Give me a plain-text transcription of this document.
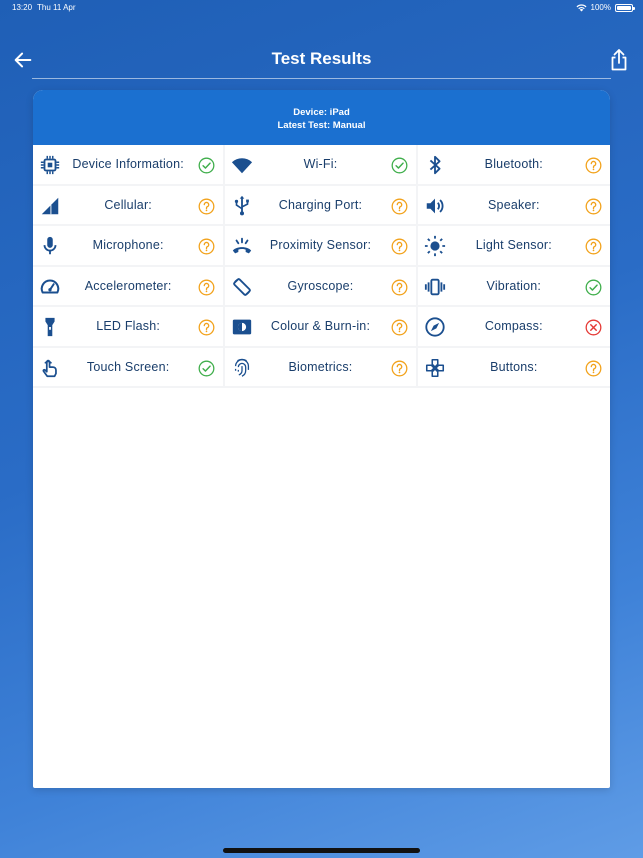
13:20 Thu 11 Apr	100%
Test Results
Device: iPad
Latest Test: Manual
Device Information:	Wi-Fi:	Bluetooth:
Cellular:	Charging Port:	Speaker:
Microphone:	Proximity Sensor:	Light Sensor:
Accelerometer:	Gyroscope:	Vibration:
LED Flash:	Colour & Burn-in:	Compass:
Touch Screen:	Biometrics:	Buttons:
